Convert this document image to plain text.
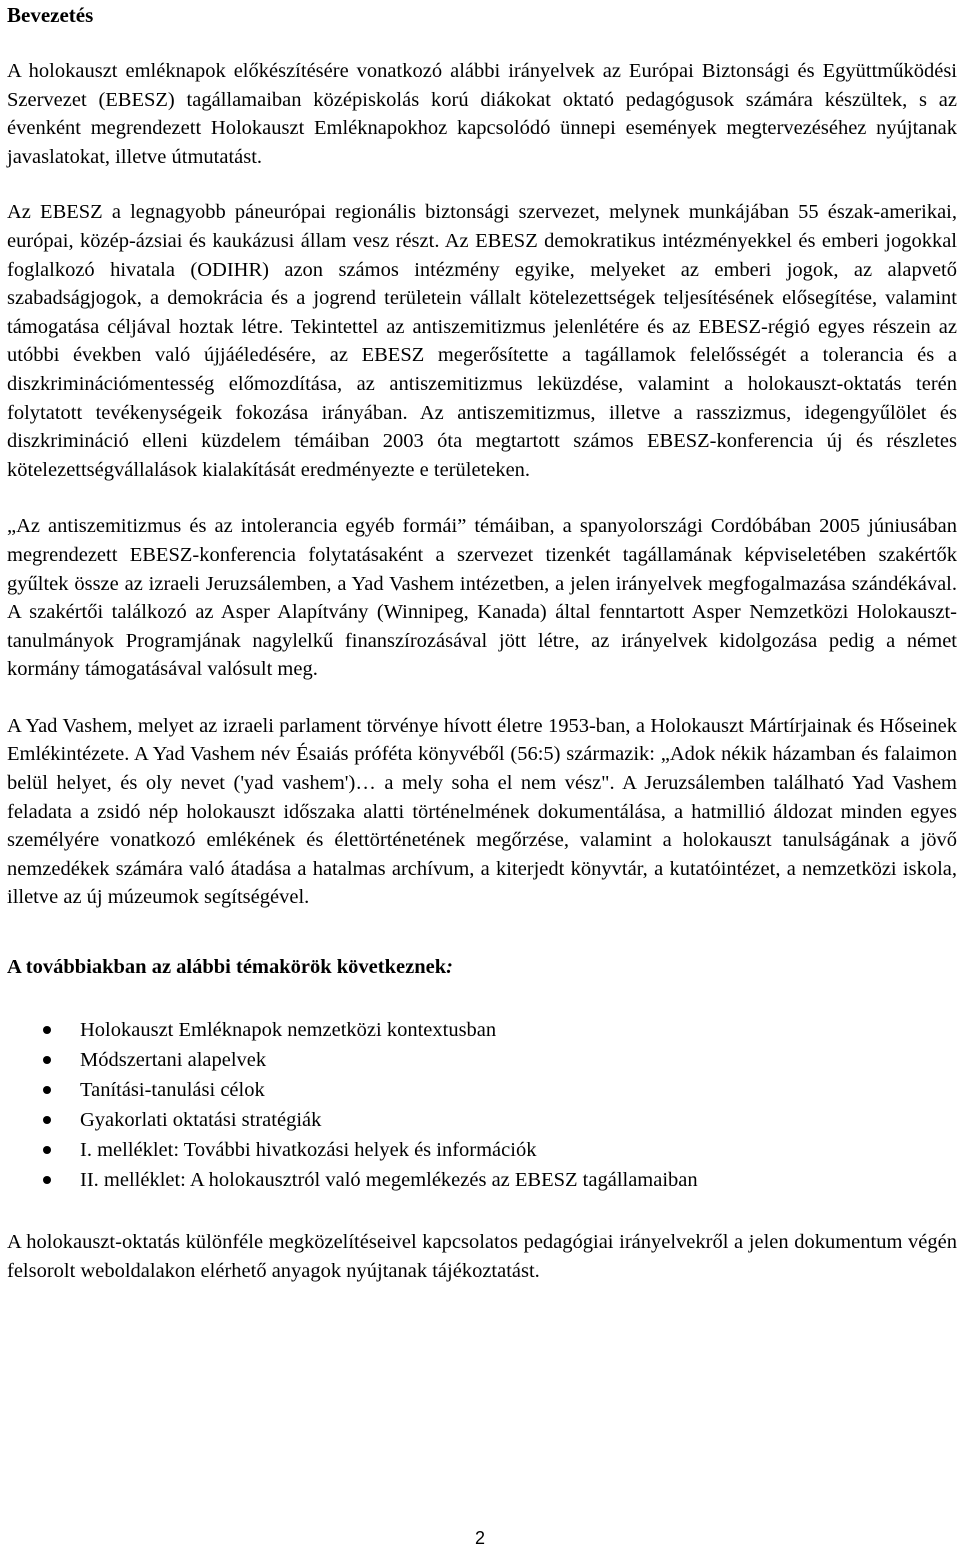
Bevezetés

A holokauszt emléknapok előkészítésére vonatkozó alábbi irányelvek az Európai Biztonsági és Együttműködési Szervezet (EBESZ) tagállamaiban középiskolás korú diákokat oktató pedagógusok számára készültek, s az évenként megrendezett Holokauszt Emléknapokhoz kapcsolódó ünnepi események megtervezéséhez nyújtanak javaslatokat, illetve útmutatást.

Az EBESZ a legnagyobb páneurópai regionális biztonsági szervezet, melynek munkájában 55 észak-amerikai, európai, közép-ázsiai és kaukázusi állam vesz részt. Az EBESZ demokratikus intézményekkel és emberi jogokkal foglalkozó hivatala (ODIHR) azon számos intézmény egyike, melyeket az emberi jogok, az alapvető szabadságjogok, a demokrácia és a jogrend területein vállalt kötelezettségek teljesítésének elősegítése, valamint támogatása céljával hoztak létre. Tekintettel az antiszemitizmus jelenlétére és az EBESZ-régió egyes részein az utóbbi években való újjáéledésére, az EBESZ megerősítette a tagállamok felelősségét a tolerancia és a diszkriminációmentesség előmozdítása, az antiszemitizmus leküzdése, valamint a holokauszt-oktatás terén folytatott tevékenységeik fokozása irányában. Az antiszemitizmus, illetve a rasszizmus, idegengyűlölet és diszkrimináció elleni küzdelem témáiban 2003 óta megtartott számos EBESZ-konferencia új és részletes kötelezettségvállalások kialakítását eredményezte e területeken.

„Az antiszemitizmus és az intolerancia egyéb formái” témáiban, a spanyolországi Cordóbában 2005 júniusában megrendezett EBESZ-konferencia folytatásaként a szervezet tizenkét tagállamának képviseletében szakértők gyűltek össze az izraeli Jeruzsálemben, a Yad Vashem intézetben, a jelen irányelvek megfogalmazása szándékával. A szakértői találkozó az Asper Alapítvány (Winnipeg, Kanada) által fenntartott Asper Nemzetközi Holokauszt-tanulmányok Programjának nagylelkű finanszírozásával jött létre, az irányelvek kidolgozása pedig a német kormány támogatásával valósult meg.

A Yad Vashem, melyet az izraeli parlament törvénye hívott életre 1953-ban, a Holokauszt Mártírjainak és Hőseinek Emlékintézete. A Yad Vashem név Ésaiás próféta könyvéből (56:5) származik: „Adok nékik házamban és falaimon belül helyet, és oly nevet ('yad vashem')… a mely soha el nem vész". A Jeruzsálemben található Yad Vashem feladata a zsidó nép holokauszt időszaka alatti történelmének dokumentálása, a hatmillió áldozat minden egyes személyére vonatkozó emlékének és élettörténetének megőrzése, valamint a holokauszt tanulságának a jövő nemzedékek számára való átadása a hatalmas archívum, a kiterjedt könyvtár, a kutatóintézet, a nemzetközi iskola, illetve az új múzeumok segítségével.

A továbbiakban az alábbi témakörök következnek:

Holokauszt Emléknapok nemzetközi kontextusban
Módszertani alapelvek
Tanítási-tanulási célok
Gyakorlati oktatási stratégiák
I. melléklet: További hivatkozási helyek és információk
II. melléklet: A holokausztról való megemlékezés az EBESZ tagállamaiban

A holokauszt-oktatás különféle megközelítéseivel kapcsolatos pedagógiai irányelvekről a jelen dokumentum végén felsorolt weboldalakon elérhető anyagok nyújtanak tájékoztatást.

2
